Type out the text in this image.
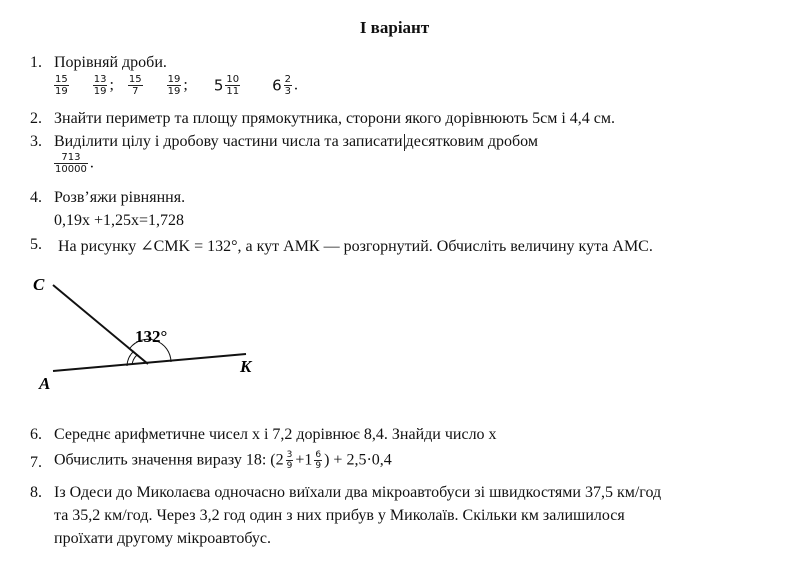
І варіант
1. Порівняй дроби.
$\frac{15}{19}$
$\frac{13}{19}$ ; $\frac{15}{7}$
$\frac{19}{19}$ ; $5 \frac{10}{11} 6 \frac{2}{3}$ .
2. Знайти периметр та площу прямокутника, сторони якого дорівнюють 5см і 4,4 см.
3. Виділити цілу і дробову частини числа та записати десятковим дробом
$\frac{713}{10000}$ .
4. Розв’яжи рівняння.
0,19x +1,25x=1,728
5.	На рисунку ∠CMK = 132°, а кут АMК — розгорнутий. Обчисліть величину кута AMC.
132°
C
A
K
6. Середнє арифметичне чисел х і 7,2 дорівнює 8,4. Знайди число х
7. Обчислить значення виразу 18: ($2 \frac{3}{9} +1 \frac{6}{9}$ ) + 2,5·0,4
8. Із Одеси до Миколаєва одночасно виїхали два мікроавтобуси зі швидкостями 37,5 км/год
та 35,2 км/год. Через 3,2 год один з них прибув у Миколаїв. Скільки км залишилося
проїхати другому мікроавтобус.
